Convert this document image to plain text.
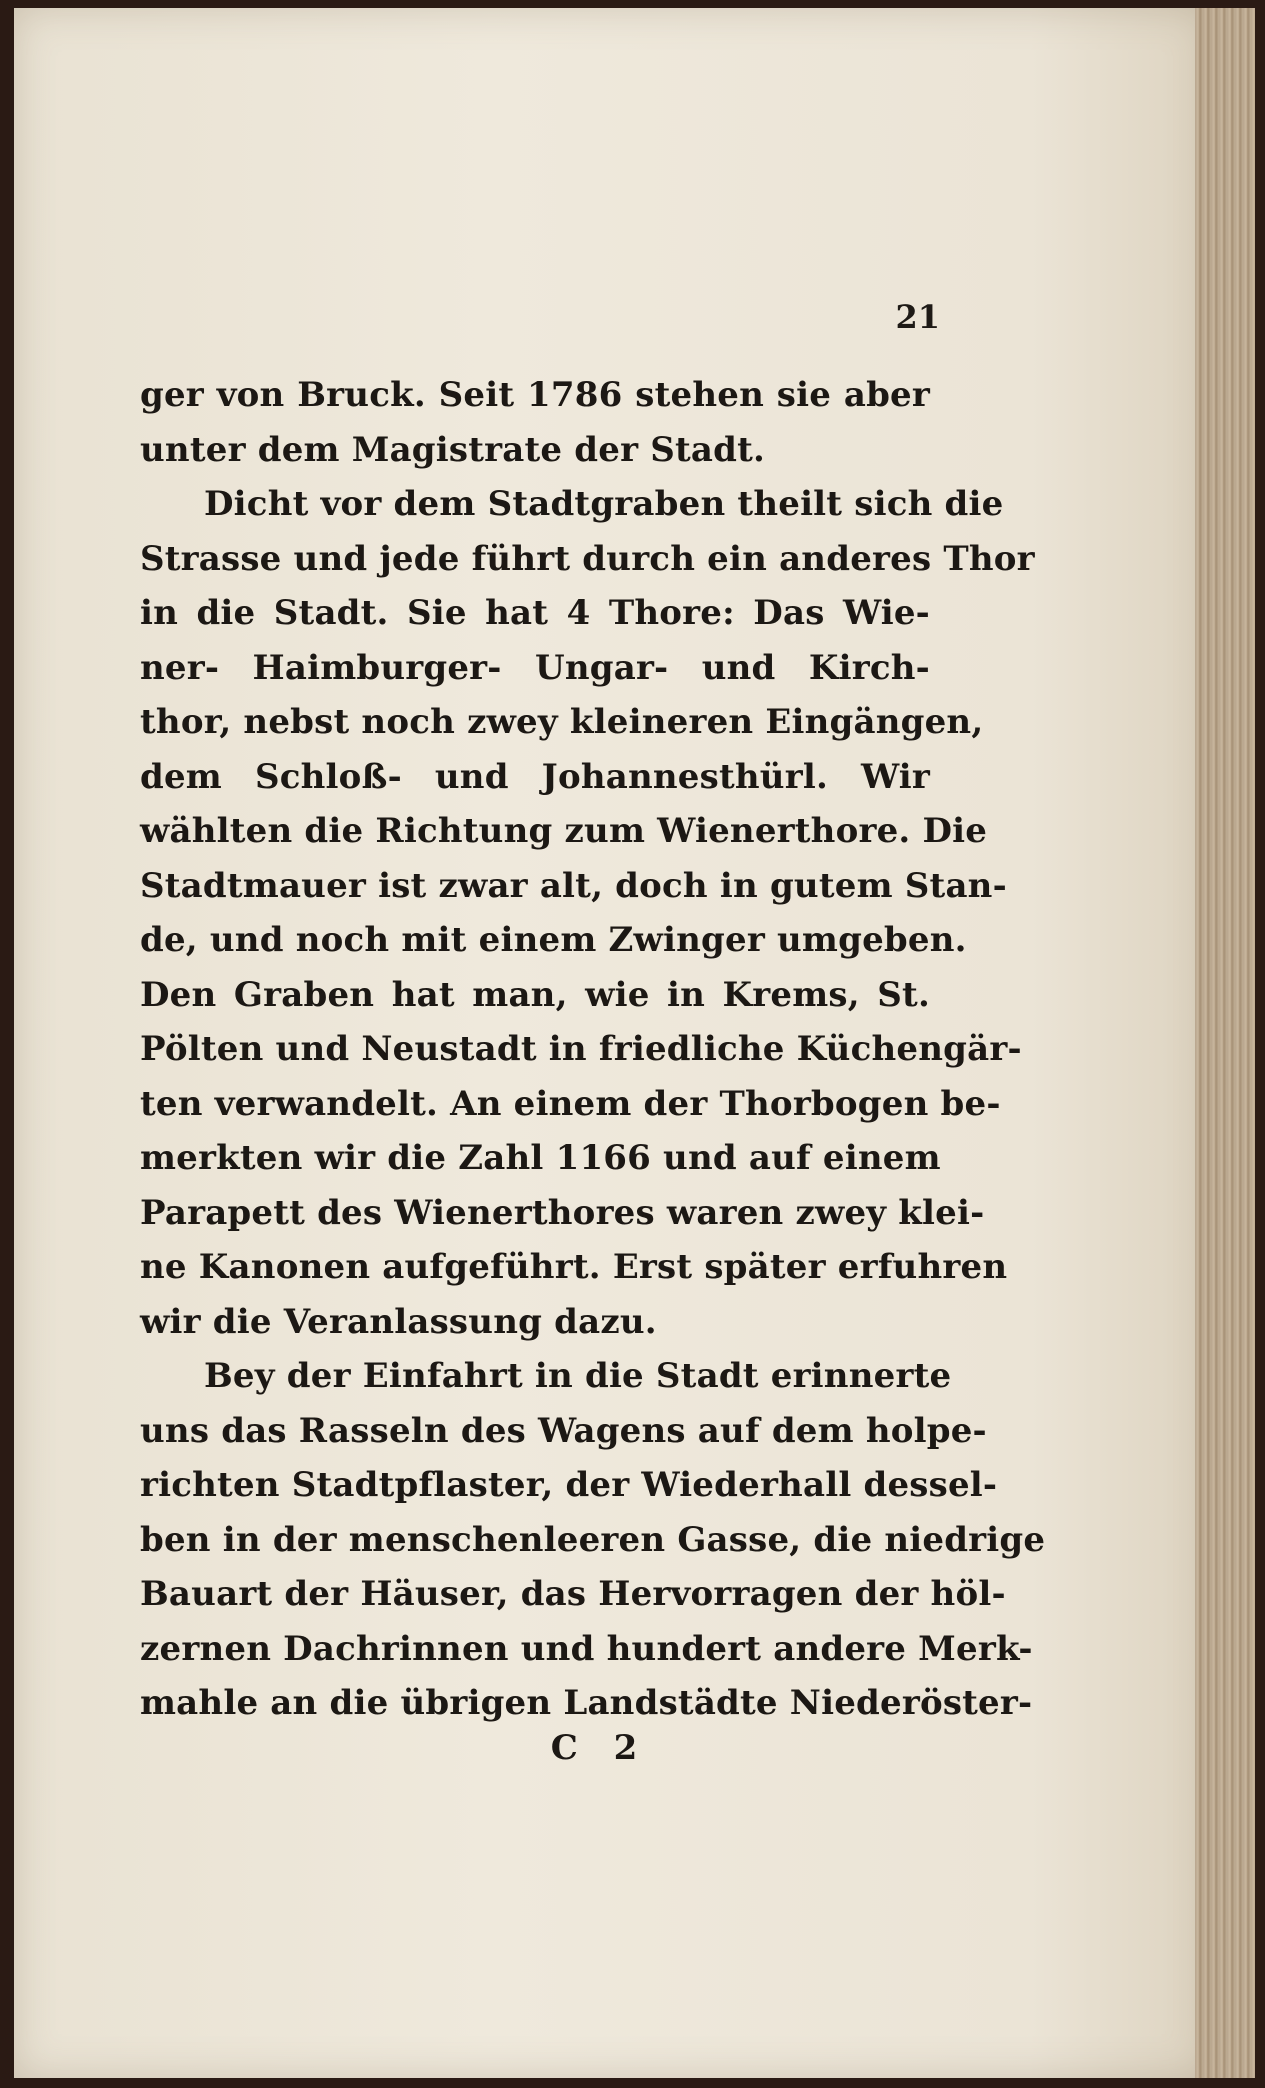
21
ger von Bruck. Seit 1786 stehen sie aber
unter dem Magistrate der Stadt.
Dicht vor dem Stadtgraben theilt sich die
Strasse und jede führt durch ein anderes Thor
in die Stadt. Sie hat 4 Thore: Das Wie-
ner- Haimburger- Ungar- und Kirch-
thor, nebst noch zwey kleineren Eingängen,
dem Schloß- und Johannesthürl. Wir
wählten die Richtung zum Wienerthore. Die
Stadtmauer ist zwar alt, doch in gutem Stan-
de, und noch mit einem Zwinger umgeben.
Den Graben hat man, wie in Krems, St.
Pölten und Neustadt in friedliche Küchengär-
ten verwandelt. An einem der Thorbogen be-
merkten wir die Zahl 1166 und auf einem
Parapett des Wienerthores waren zwey klei-
ne Kanonen aufgeführt. Erst später erfuhren
wir die Veranlassung dazu.
Bey der Einfahrt in die Stadt erinnerte
uns das Rasseln des Wagens auf dem holpe-
richten Stadtpflaster, der Wiederhall dessel-
ben in der menschenleeren Gasse, die niedrige
Bauart der Häuser, das Hervorragen der höl-
zernen Dachrinnen und hundert andere Merk-
mahle an die übrigen Landstädte Niederöster-
C 2
